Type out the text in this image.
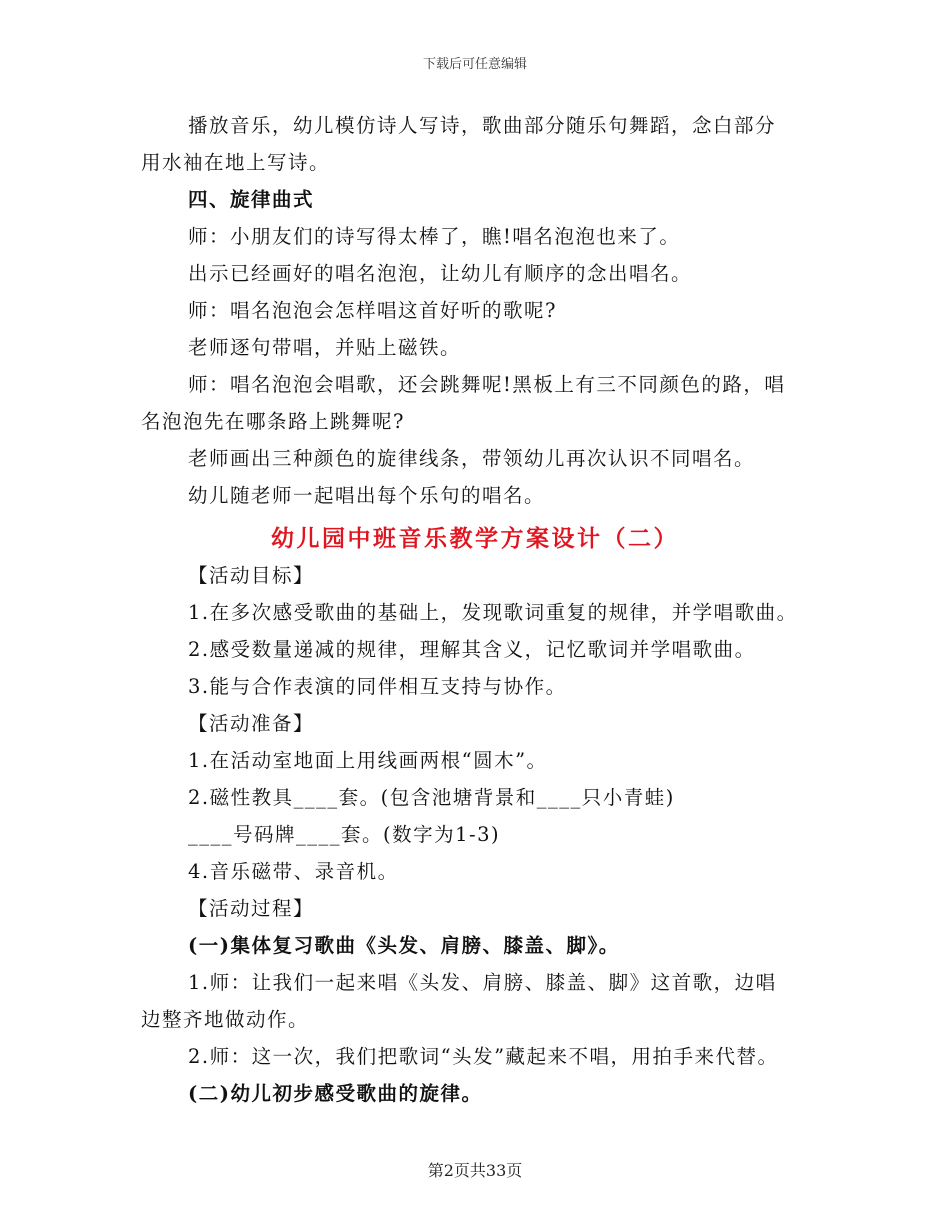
下载后可任意编辑
播放音乐，幼儿模仿诗人写诗，歌曲部分随乐句舞蹈，念白部分
用水袖在地上写诗。
四、旋律曲式
师：小朋友们的诗写得太棒了，瞧!唱名泡泡也来了。
出示已经画好的唱名泡泡，让幼儿有顺序的念出唱名。
师：唱名泡泡会怎样唱这首好听的歌呢?
老师逐句带唱，并贴上磁铁。
师：唱名泡泡会唱歌，还会跳舞呢!黑板上有三不同颜色的路，唱
名泡泡先在哪条路上跳舞呢?
老师画出三种颜色的旋律线条，带领幼儿再次认识不同唱名。
幼儿随老师一起唱出每个乐句的唱名。
幼儿园中班音乐教学方案设计（二）
【活动目标】
1.在多次感受歌曲的基础上，发现歌词重复的规律，并学唱歌曲。
2.感受数量递减的规律，理解其含义，记忆歌词并学唱歌曲。
3.能与合作表演的同伴相互支持与协作。
【活动准备】
1.在活动室地面上用线画两根“圆木”。
2.磁性教具____套。(包含池塘背景和____只小青蛙)
____号码牌____套。(数字为1-3)
4.音乐磁带、录音机。
【活动过程】
(一)集体复习歌曲《头发、肩膀、膝盖、脚》。
1.师：让我们一起来唱《头发、肩膀、膝盖、脚》这首歌，边唱
边整齐地做动作。
2.师：这一次，我们把歌词“头发”藏起来不唱，用拍手来代替。
(二)幼儿初步感受歌曲的旋律。
第2页共33页
